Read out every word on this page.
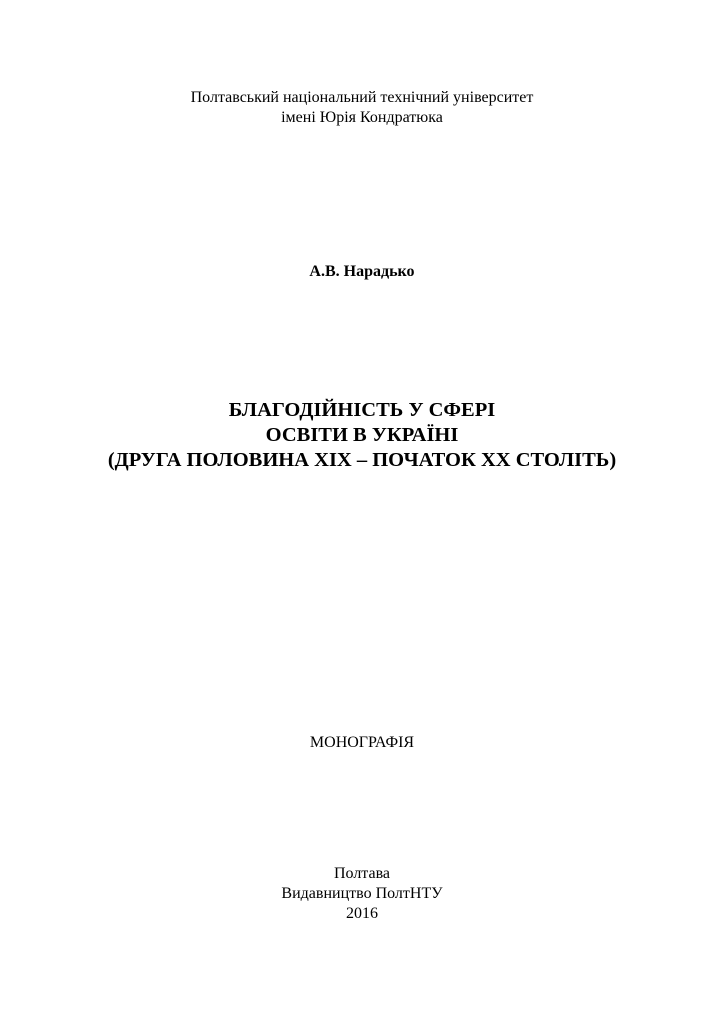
Полтавський національний технічний університет
імені Юрія Кондратюка
А.В. Нарадько
БЛАГОДІЙНІСТЬ У СФЕРІ
ОСВІТИ В УКРАЇНІ
(ДРУГА ПОЛОВИНА XIX – ПОЧАТОК XX СТОЛІТЬ)
МОНОГРАФІЯ
Полтава
Видавництво ПолтНТУ
2016
